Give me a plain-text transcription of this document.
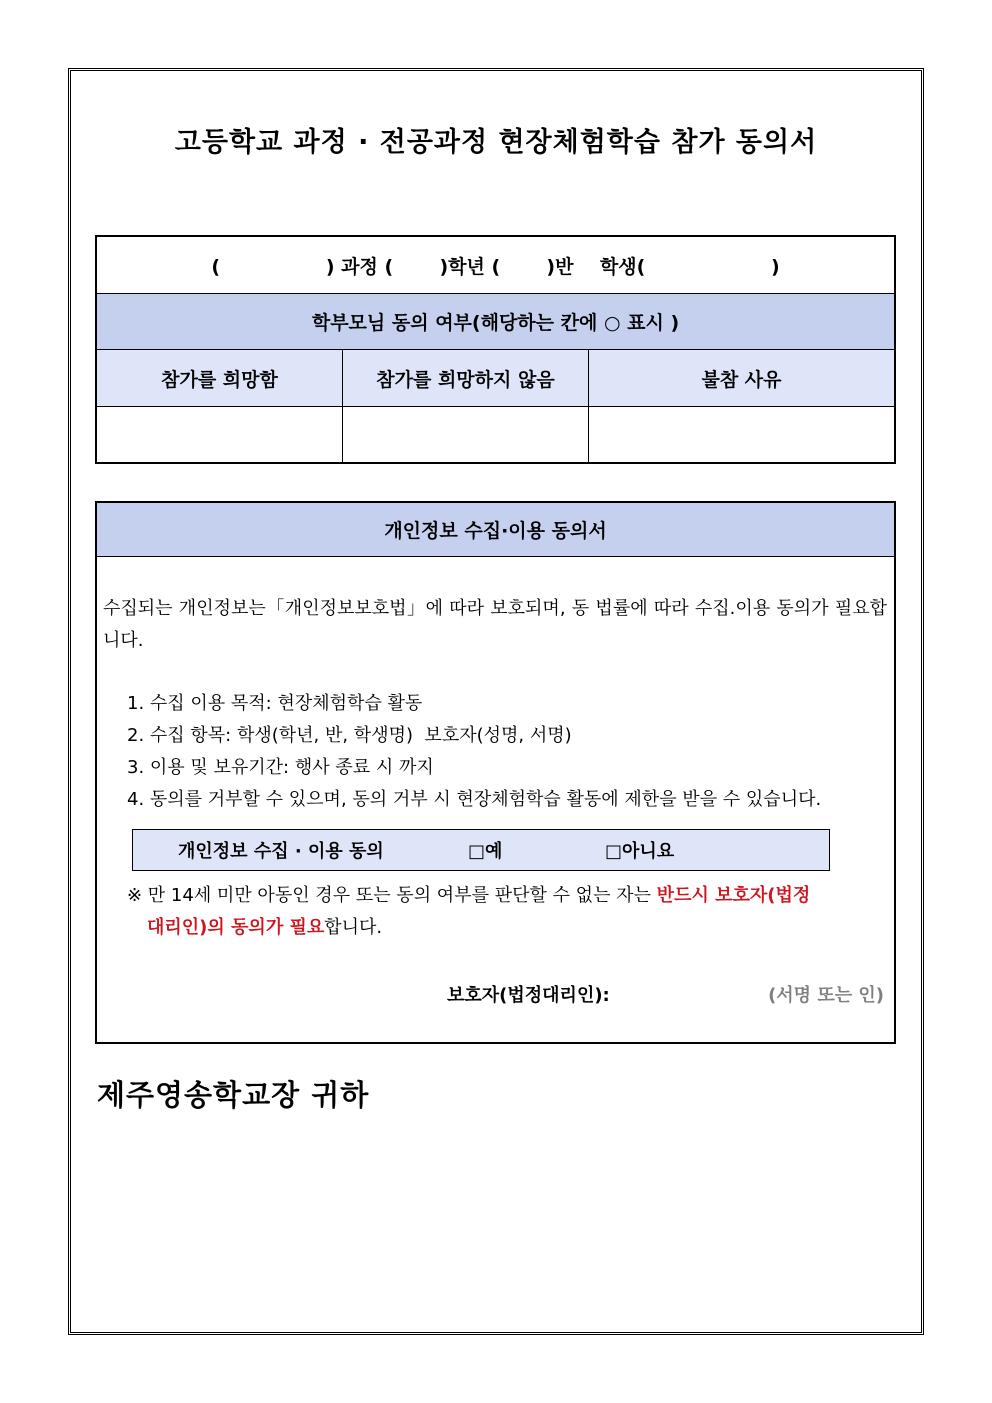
고등학교 과정 · 전공과정 현장체험학습 참가 동의서
(                ) 과정 (       )학년 (       )반    학생(                   )
학부모님 동의 여부(해당하는 칸에 ○ 표시 )
참가를 희망함	참가를 희망하지 않음	불참 사유
개인정보 수집·이용 동의서
수집되는 개인정보는「개인정보보호법」에 따라 보호되며, 동 법률에 따라 수집.이용 동의가 필요합니다.
1. 수집 이용 목적: 현장체험학습 활동
2. 수집 항목: 학생(학년, 반, 학생명)  보호자(성명, 서명)
3. 이용 및 보유기간: 행사 종료 시 까지
4. 동의를 거부할 수 있으며, 동의 거부 시 현장체험학습 활동에 제한을 받을 수 있습니다.
개인정보 수집 · 이용 동의	□예	□아니요
※ 만 14세 미만 아동인 경우 또는 동의 여부를 판단할 수 없는 자는 반드시 보호자(법정
대리인)의 동의가 필요합니다.
보호자(법정대리인):	(서명 또는 인)
제주영송학교장 귀하
